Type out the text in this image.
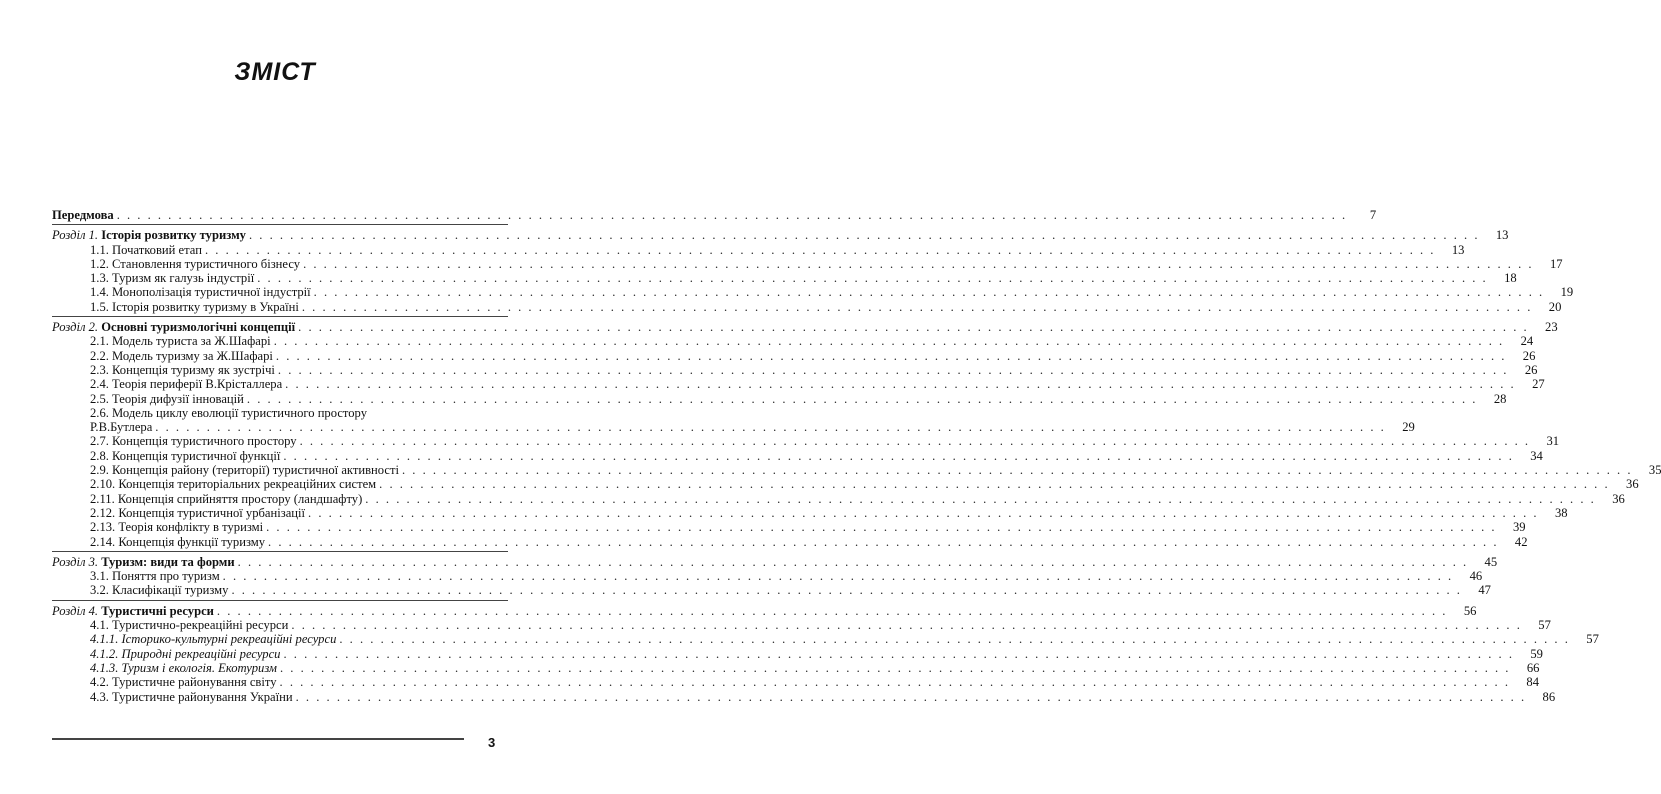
ЗМІСТ
Передмова . . . . . . . . . . . . . . . . . . . . . . . . . . . . . . . . . . . . . . . . . . . . . . . . . . . . . . . . . . . . . . . . . . . . . . . . . . . . . . . . . . . . . . . . . . . . . . . . . . . . . . . . . . . . . . . . . . . . . . . .	7
Розділ 1. Історія розвитку туризму . . . . . . . . . . . . . . . . . . . . . . . . . . . . . . . . . . . . . . . . . . . . . . . . . . . . . . . . . . . . . . . . . . . . . . . . . . . . . . . . . . . . . . . . . . . . . . . . . . . . . . . . . . . . . . . . . . . . . . . .	13
1.1. Початковий етап . . . . . . . . . . . . . . . . . . . . . . . . . . . . . . . . . . . . . . . . . . . . . . . . . . . . . . . . . . . . . . . . . . . . . . . . . . . . . . . . . . . . . . . . . . . . . . . . . . . . . . . . . . . . . . . . . . . . . . . .	13
1.2. Становлення туристичного бізнесу . . . . . . . . . . . . . . . . . . . . . . . . . . . . . . . . . . . . . . . . . . . . . . . . . . . . . . . . . . . . . . . . . . . . . . . . . . . . . . . . . . . . . . . . . . . . . . . . . . . . . . . . . . . . . . . . . . . . . . . .	17
1.3. Туризм як галузь індустрії . . . . . . . . . . . . . . . . . . . . . . . . . . . . . . . . . . . . . . . . . . . . . . . . . . . . . . . . . . . . . . . . . . . . . . . . . . . . . . . . . . . . . . . . . . . . . . . . . . . . . . . . . . . . . . . . . . . . . . . .	18
1.4. Монополізація туристичної індустрії . . . . . . . . . . . . . . . . . . . . . . . . . . . . . . . . . . . . . . . . . . . . . . . . . . . . . . . . . . . . . . . . . . . . . . . . . . . . . . . . . . . . . . . . . . . . . . . . . . . . . . . . . . . . . . . . . . . . . . . .	19
1.5. Історія розвитку туризму в Україні . . . . . . . . . . . . . . . . . . . . . . . . . . . . . . . . . . . . . . . . . . . . . . . . . . . . . . . . . . . . . . . . . . . . . . . . . . . . . . . . . . . . . . . . . . . . . . . . . . . . . . . . . . . . . . . . . . . . . . . .	20
Розділ 2. Основні туризмологічні концепції . . . . . . . . . . . . . . . . . . . . . . . . . . . . . . . . . . . . . . . . . . . . . . . . . . . . . . . . . . . . . . . . . . . . . . . . . . . . . . . . . . . . . . . . . . . . . . . . . . . . . . . . . . . . . . . . . . . . . . . .	23
2.1. Модель туриста за Ж.Шафарі . . . . . . . . . . . . . . . . . . . . . . . . . . . . . . . . . . . . . . . . . . . . . . . . . . . . . . . . . . . . . . . . . . . . . . . . . . . . . . . . . . . . . . . . . . . . . . . . . . . . . . . . . . . . . . . . . . . . . . . .	24
2.2. Модель туризму за Ж.Шафарі . . . . . . . . . . . . . . . . . . . . . . . . . . . . . . . . . . . . . . . . . . . . . . . . . . . . . . . . . . . . . . . . . . . . . . . . . . . . . . . . . . . . . . . . . . . . . . . . . . . . . . . . . . . . . . . . . . . . . . . .	26
2.3. Концепція туризму як зустрічі . . . . . . . . . . . . . . . . . . . . . . . . . . . . . . . . . . . . . . . . . . . . . . . . . . . . . . . . . . . . . . . . . . . . . . . . . . . . . . . . . . . . . . . . . . . . . . . . . . . . . . . . . . . . . . . . . . . . . . . .	26
2.4. Теорія периферії В.Крісталлера . . . . . . . . . . . . . . . . . . . . . . . . . . . . . . . . . . . . . . . . . . . . . . . . . . . . . . . . . . . . . . . . . . . . . . . . . . . . . . . . . . . . . . . . . . . . . . . . . . . . . . . . . . . . . . . . . . . . . . . .	27
2.5. Теорія дифузії інновацій . . . . . . . . . . . . . . . . . . . . . . . . . . . . . . . . . . . . . . . . . . . . . . . . . . . . . . . . . . . . . . . . . . . . . . . . . . . . . . . . . . . . . . . . . . . . . . . . . . . . . . . . . . . . . . . . . . . . . . . .	28
2.6. Модель циклу еволюції туристичного простору
Р.В.Бутлера . . . . . . . . . . . . . . . . . . . . . . . . . . . . . . . . . . . . . . . . . . . . . . . . . . . . . . . . . . . . . . . . . . . . . . . . . . . . . . . . . . . . . . . . . . . . . . . . . . . . . . . . . . . . . . . . . . . . . . . .	29
2.7. Концепція туристичного простору . . . . . . . . . . . . . . . . . . . . . . . . . . . . . . . . . . . . . . . . . . . . . . . . . . . . . . . . . . . . . . . . . . . . . . . . . . . . . . . . . . . . . . . . . . . . . . . . . . . . . . . . . . . . . . . . . . . . . . . .	31
2.8. Концепція туристичної функції . . . . . . . . . . . . . . . . . . . . . . . . . . . . . . . . . . . . . . . . . . . . . . . . . . . . . . . . . . . . . . . . . . . . . . . . . . . . . . . . . . . . . . . . . . . . . . . . . . . . . . . . . . . . . . . . . . . . . . . .	34
2.9. Концепція району (території) туристичної активності . . . . . . . . . . . . . . . . . . . . . . . . . . . . . . . . . . . . . . . . . . . . . . . . . . . . . . . . . . . . . . . . . . . . . . . . . . . . . . . . . . . . . . . . . . . . . . . . . . . . . . . . . . . . . . . . . . . . . . . .	35
2.10. Концепція територіальних рекреаційних систем . . . . . . . . . . . . . . . . . . . . . . . . . . . . . . . . . . . . . . . . . . . . . . . . . . . . . . . . . . . . . . . . . . . . . . . . . . . . . . . . . . . . . . . . . . . . . . . . . . . . . . . . . . . . . . . . . . . . . . . .	36
2.11. Концепція сприйняття простору (ландшафту) . . . . . . . . . . . . . . . . . . . . . . . . . . . . . . . . . . . . . . . . . . . . . . . . . . . . . . . . . . . . . . . . . . . . . . . . . . . . . . . . . . . . . . . . . . . . . . . . . . . . . . . . . . . . . . . . . . . . . . . .	36
2.12. Концепція туристичної урбанізації . . . . . . . . . . . . . . . . . . . . . . . . . . . . . . . . . . . . . . . . . . . . . . . . . . . . . . . . . . . . . . . . . . . . . . . . . . . . . . . . . . . . . . . . . . . . . . . . . . . . . . . . . . . . . . . . . . . . . . . .	38
2.13. Теорія конфлікту в туризмі . . . . . . . . . . . . . . . . . . . . . . . . . . . . . . . . . . . . . . . . . . . . . . . . . . . . . . . . . . . . . . . . . . . . . . . . . . . . . . . . . . . . . . . . . . . . . . . . . . . . . . . . . . . . . . . . . . . . . . . .	39
2.14. Концепція функції туризму . . . . . . . . . . . . . . . . . . . . . . . . . . . . . . . . . . . . . . . . . . . . . . . . . . . . . . . . . . . . . . . . . . . . . . . . . . . . . . . . . . . . . . . . . . . . . . . . . . . . . . . . . . . . . . . . . . . . . . . .	42
Розділ 3. Туризм: види та форми . . . . . . . . . . . . . . . . . . . . . . . . . . . . . . . . . . . . . . . . . . . . . . . . . . . . . . . . . . . . . . . . . . . . . . . . . . . . . . . . . . . . . . . . . . . . . . . . . . . . . . . . . . . . . . . . . . . . . . . .	45
3.1. Поняття про туризм . . . . . . . . . . . . . . . . . . . . . . . . . . . . . . . . . . . . . . . . . . . . . . . . . . . . . . . . . . . . . . . . . . . . . . . . . . . . . . . . . . . . . . . . . . . . . . . . . . . . . . . . . . . . . . . . . . . . . . . .	46
3.2. Класифікації туризму . . . . . . . . . . . . . . . . . . . . . . . . . . . . . . . . . . . . . . . . . . . . . . . . . . . . . . . . . . . . . . . . . . . . . . . . . . . . . . . . . . . . . . . . . . . . . . . . . . . . . . . . . . . . . . . . . . . . . . . .	47
Розділ 4. Туристичні ресурси . . . . . . . . . . . . . . . . . . . . . . . . . . . . . . . . . . . . . . . . . . . . . . . . . . . . . . . . . . . . . . . . . . . . . . . . . . . . . . . . . . . . . . . . . . . . . . . . . . . . . . . . . . . . . . . . . . . . . . . .	56
4.1. Туристично-рекреаційні ресурси . . . . . . . . . . . . . . . . . . . . . . . . . . . . . . . . . . . . . . . . . . . . . . . . . . . . . . . . . . . . . . . . . . . . . . . . . . . . . . . . . . . . . . . . . . . . . . . . . . . . . . . . . . . . . . . . . . . . . . . .	57
4.1.1. Історико-культурні рекреаційні ресурси . . . . . . . . . . . . . . . . . . . . . . . . . . . . . . . . . . . . . . . . . . . . . . . . . . . . . . . . . . . . . . . . . . . . . . . . . . . . . . . . . . . . . . . . . . . . . . . . . . . . . . . . . . . . . . . . . . . . . . . .	57
4.1.2. Природні рекреаційні ресурси . . . . . . . . . . . . . . . . . . . . . . . . . . . . . . . . . . . . . . . . . . . . . . . . . . . . . . . . . . . . . . . . . . . . . . . . . . . . . . . . . . . . . . . . . . . . . . . . . . . . . . . . . . . . . . . . . . . . . . . .	59
4.1.3. Туризм і екологія. Екотуризм . . . . . . . . . . . . . . . . . . . . . . . . . . . . . . . . . . . . . . . . . . . . . . . . . . . . . . . . . . . . . . . . . . . . . . . . . . . . . . . . . . . . . . . . . . . . . . . . . . . . . . . . . . . . . . . . . . . . . . . .	66
4.2. Туристичне районування світу . . . . . . . . . . . . . . . . . . . . . . . . . . . . . . . . . . . . . . . . . . . . . . . . . . . . . . . . . . . . . . . . . . . . . . . . . . . . . . . . . . . . . . . . . . . . . . . . . . . . . . . . . . . . . . . . . . . . . . . .	84
4.3. Туристичне районування України . . . . . . . . . . . . . . . . . . . . . . . . . . . . . . . . . . . . . . . . . . . . . . . . . . . . . . . . . . . . . . . . . . . . . . . . . . . . . . . . . . . . . . . . . . . . . . . . . . . . . . . . . . . . . . . . . . . . . . . .	86
3
